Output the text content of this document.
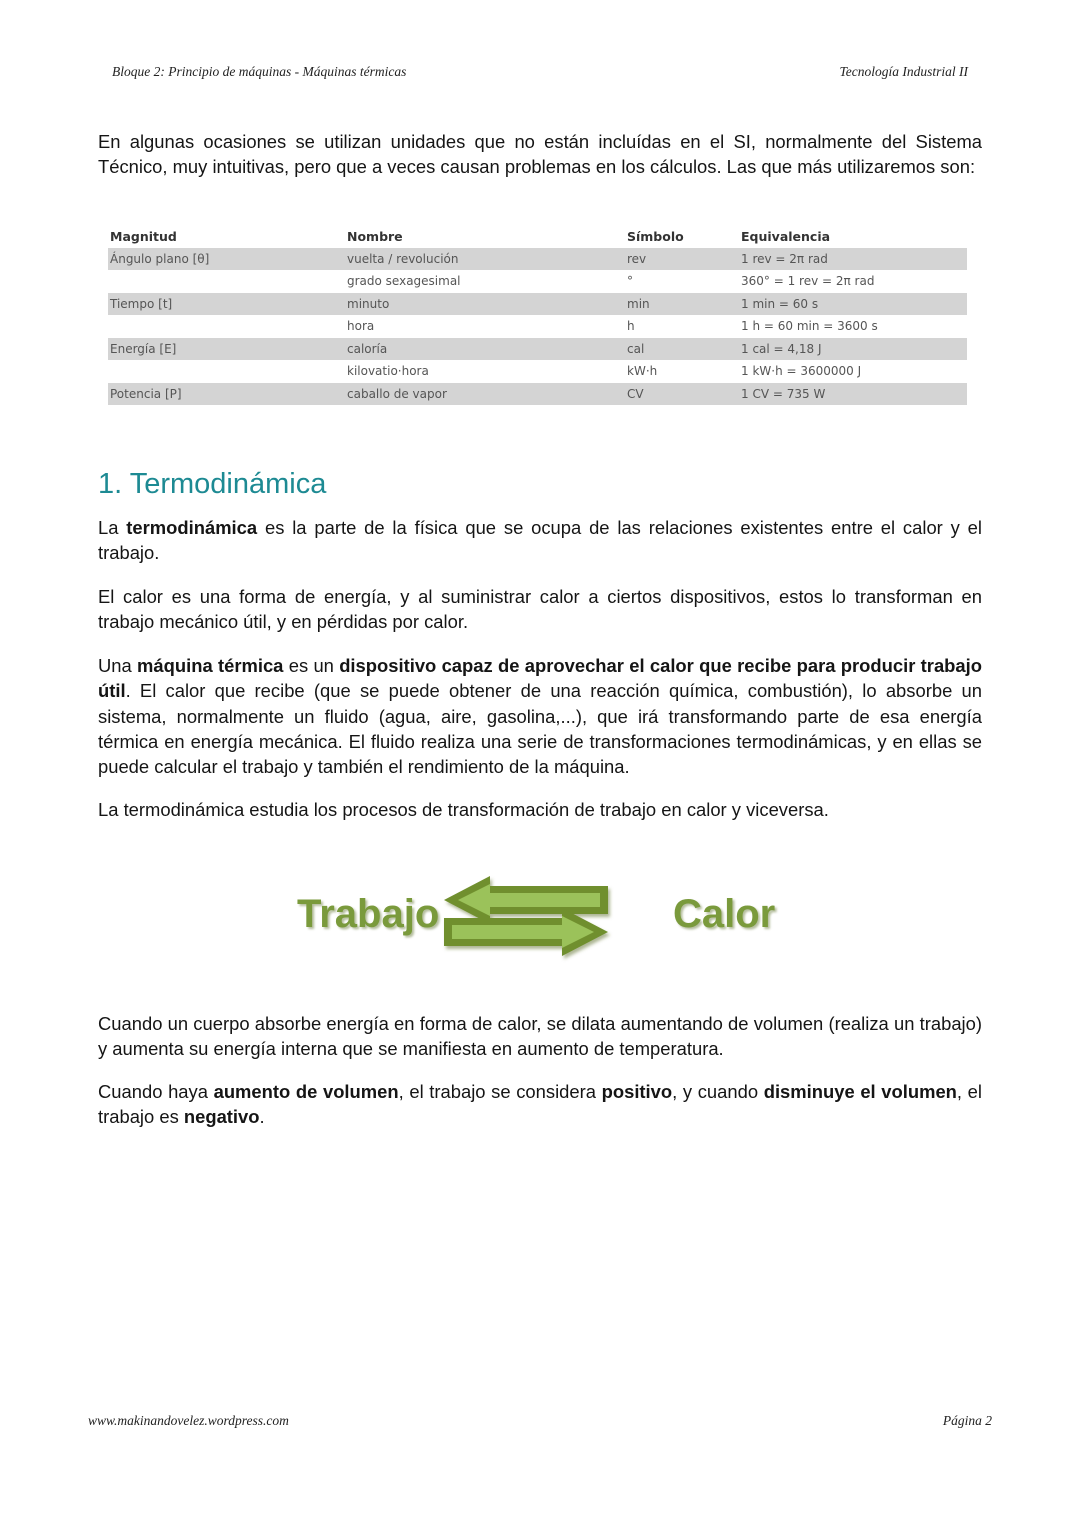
Bloque 2: Principio de máquinas - Máquinas térmicas	Tecnología Industrial II

En algunas ocasiones se utilizan unidades que no están incluídas en el SI, normalmente del Sistema Técnico, muy intuitivas, pero que a veces causan problemas en los cálculos. Las que más utilizaremos son:

Magnitud	Nombre	Símbolo	Equivalencia
Ángulo plano [θ]	vuelta / revolución	rev	1 rev = 2π rad
	grado sexagesimal	°	360° = 1 rev = 2π rad
Tiempo [t]	minuto	min	1 min = 60 s
	hora	h	1 h = 60 min = 3600 s
Energía [E]	caloría	cal	1 cal = 4,18 J
	kilovatio·hora	kW·h	1 kW·h = 3600000 J
Potencia [P]	caballo de vapor	CV	1 CV = 735 W
1. Termodinámica

La termodinámica es la parte de la física que se ocupa de las relaciones existentes entre el calor y el trabajo.

El calor es una forma de energía, y al suministrar calor a ciertos dispositivos, estos lo transforman en trabajo mecánico útil, y en pérdidas por calor.

Una máquina térmica es un dispositivo capaz de aprovechar el calor que recibe para producir trabajo útil. El calor que recibe (que se puede obtener de una reacción química, combustión), lo absorbe un sistema, normalmente un fluido (agua, aire, gasolina,...), que irá transformando parte de esa energía térmica en energía mecánica. El fluido realiza una serie de transformaciones termodinámicas, y en ellas se puede calcular el trabajo y también el rendimiento de la máquina.

La termodinámica estudia los procesos de transformación de trabajo en calor y viceversa.

Trabajo	Calor

Cuando un cuerpo absorbe energía en forma de calor, se dilata aumentando de volumen (realiza un trabajo) y aumenta su energía interna que se manifiesta en aumento de temperatura.

Cuando haya aumento de volumen, el trabajo se considera positivo, y cuando disminuye el volumen, el trabajo es negativo.

www.makinandovelez.wordpress.com	Página 2
